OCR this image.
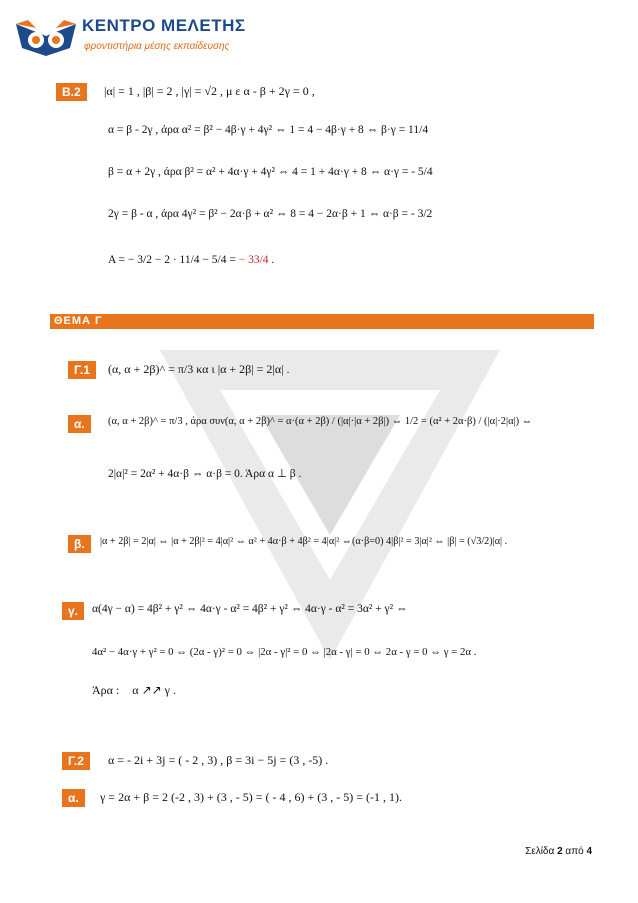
ΚΕΝΤΡΟ ΜΕΛΕΤΗΣ
φροντιστήρια μέσης εκπαίδευσης
Β.2	|α| = 1 , |β| = 2 , |γ| = √2 , μ ε α - β + 2γ = 0 ,
α = β - 2γ , άρα α² = β² − 4β·γ + 4γ² ⇔ 1 = 4 − 4β·γ + 8 ⇔ β·γ = 11/4
β = α + 2γ , άρα β² = α² + 4α·γ + 4γ² ⇔ 4 = 1 + 4α·γ + 8 ⇔ α·γ = - 5/4
2γ = β - α , άρα 4γ² = β² − 2α·β + α² ⇔ 8 = 4 − 2α·β + 1 ⇔ α·β = - 3/2
A = − 3/2 − 2 · 11/4 − 5/4 = − 33/4 .
ΘΕΜΑ Γ
Γ.1	(α, α + 2β)^ = π/3 κα ι |α + 2β| = 2|α| .
α.	(α, α + 2β)^ = π/3 , άρα συν(α, α + 2β)^ = α·(α + 2β) / (|α|·|α + 2β|) ⇔ 1/2 = (α² + 2α·β) / (|α|·2|α|) ⇔
2|α|² = 2α² + 4α·β ⇔ α·β = 0. Άρα α ⊥ β .
β.	|α + 2β| = 2|α| ⇔ |α + 2β|² = 4|α|² ⇔ α² + 4α·β + 4β² = 4|α|² ⇔(α·β=0) 4|β|² = 3|α|² ⇔ |β| = (√3/2)|α| .
γ.	α(4γ − α) = 4β² + γ² ⇔ 4α·γ - α² = 4β² + γ² ⇔ 4α·γ - α² = 3α² + γ² ⇔
4α² − 4α·γ + γ² = 0 ⇔ (2α - γ)² = 0 ⇔ |2α - γ|² = 0 ⇔ |2α - γ| = 0 ⇔ 2α - γ = 0 ⇔ γ = 2α .
Άρα : α ↗↗ γ .
Γ.2	α = - 2i + 3j = ( - 2 , 3) , β = 3i − 5j = (3 , -5) .
α.	γ = 2α + β = 2 (-2 , 3) + (3 , - 5) = ( - 4 , 6) + (3 , - 5) = (-1 , 1).
Σελίδα 2 από 4
